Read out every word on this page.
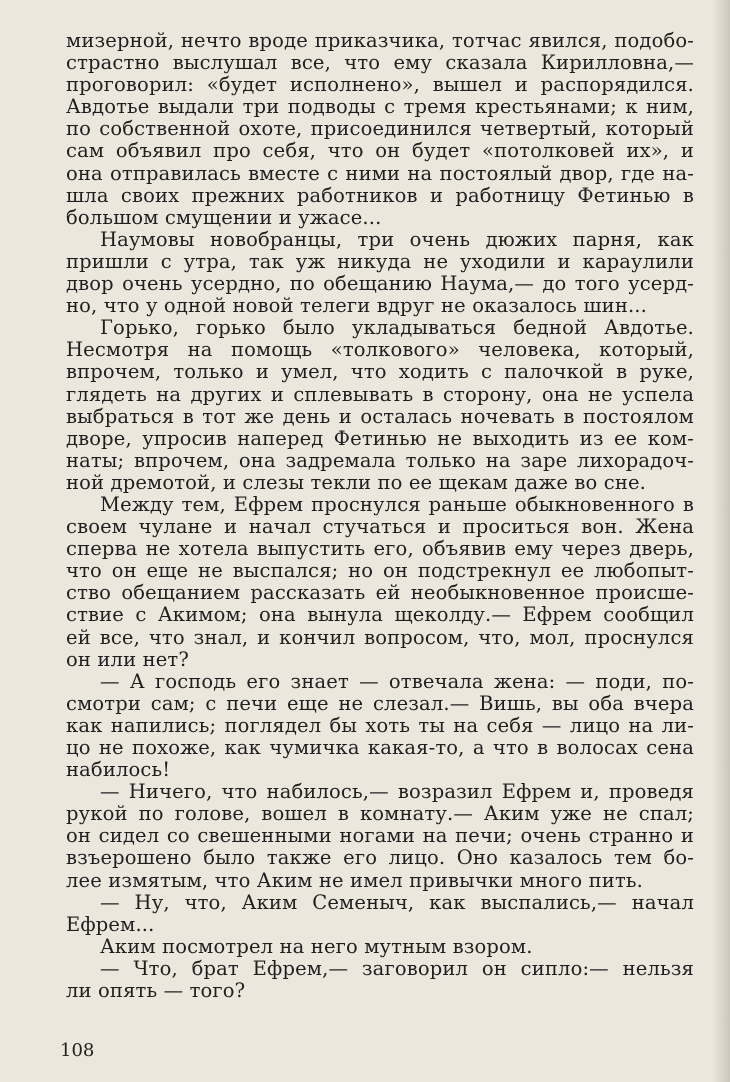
мизерной, нечто вроде приказчика, тотчас явился, подобо-
страстно выслушал все, что ему сказала Кирилловна,—
проговорил: «будет исполнено», вышел и распорядился.
Авдотье выдали три подводы с тремя крестьянами; к ним,
по собственной охоте, присоединился четвертый, который
сам объявил про себя, что он будет «потолковей их», и
она отправилась вместе с ними на постоялый двор, где на-
шла своих прежних работников и работницу Фетинью в
большом смущении и ужасе...
Наумовы новобранцы, три очень дюжих парня, как
пришли с утра, так уж никуда не уходили и караулили
двор очень усердно, по обещанию Наума,— до того усерд-
но, что у одной новой телеги вдруг не оказалось шин...
Горько, горько было укладываться бедной Авдотье.
Несмотря на помощь «толкового» человека, который,
впрочем, только и умел, что ходить с палочкой в руке,
глядеть на других и сплевывать в сторону, она не успела
выбраться в тот же день и осталась ночевать в постоялом
дворе, упросив наперед Фетинью не выходить из ее ком-
наты; впрочем, она задремала только на заре лихорадоч-
ной дремотой, и слезы текли по ее щекам даже во сне.
Между тем, Ефрем проснулся раньше обыкновенного в
своем чулане и начал стучаться и проситься вон. Жена
сперва не хотела выпустить его, объявив ему через дверь,
что он еще не выспался; но он подстрекнул ее любопыт-
ство обещанием рассказать ей необыкновенное происше-
ствие с Акимом; она вынула щеколду.— Ефрем сообщил
ей все, что знал, и кончил вопросом, что, мол, проснулся
он или нет?
— А господь его знает — отвечала жена: — поди, по-
смотри сам; с печи еще не слезал.— Вишь, вы оба вчера
как напились; поглядел бы хоть ты на себя — лицо на ли-
цо не похоже, как чумичка какая-то, а что в волосах сена
набилось!
— Ничего, что набилось,— возразил Ефрем и, проведя
рукой по голове, вошел в комнату.— Аким уже не спал;
он сидел со свешенными ногами на печи; очень странно и
взъерошено было также его лицо. Оно казалось тем бо-
лее измятым, что Аким не имел привычки много пить.
— Ну, что, Аким Семеныч, как выспались,— начал
Ефрем...
Аким посмотрел на него мутным взором.
— Что, брат Ефрем,— заговорил он сипло:— нельзя
ли опять — того?
108
